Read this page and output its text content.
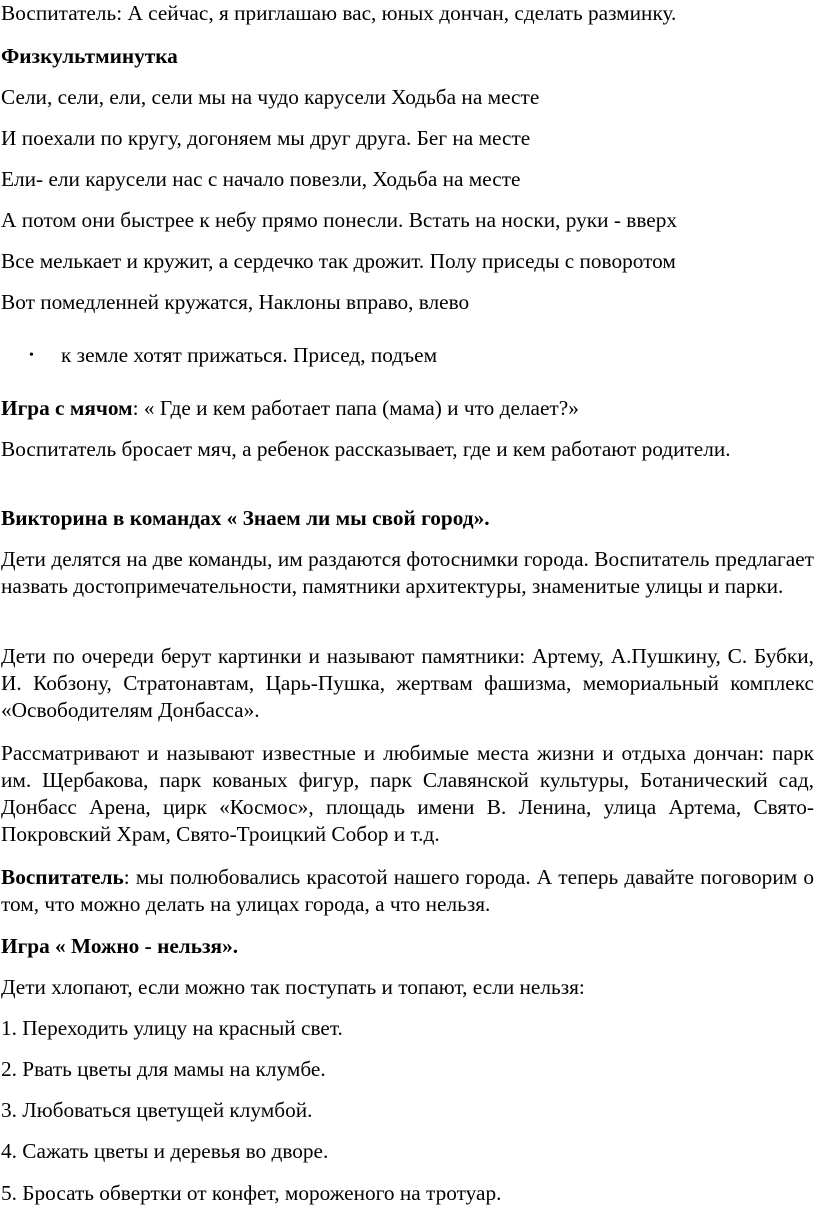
Воспитатель: А сейчас, я приглашаю вас, юных дончан, сделать разминку.

Физкультминутка

Сели, сели, ели, сели мы на чудо карусели Ходьба на месте

И поехали по кругу, догоняем мы друг друга. Бег на месте

Ели- ели карусели нас с начало повезли, Ходьба на месте

А потом они быстрее к небу прямо понесли. Встать на носки, руки - вверх

Все мелькает и кружит, а сердечко так дрожит. Полу приседы с поворотом

Вот помедленней кружатся, Наклоны вправо, влево

• к земле хотят прижаться. Присед, подъем

Игра с мячом: « Где и кем работает папа (мама) и что делает?»

Воспитатель бросает мяч, а ребенок рассказывает, где и кем работают родители.

Викторина в командах « Знаем ли мы свой город».

Дети делятся на две команды, им раздаются фотоснимки города. Воспитатель предлагает назвать достопримечательности, памятники архитектуры, знаменитые улицы и парки.

Дети по очереди берут картинки и называют памятники: Артему, А.Пушкину, С. Бубки, И. Кобзону, Стратонавтам, Царь-Пушка, жертвам фашизма, мемориальный комплекс «Освободителям Донбасса».

Рассматривают и называют известные и любимые места жизни и отдыха дончан: парк им. Щербакова, парк кованых фигур, парк Славянской культуры, Ботанический сад, Донбасс Арена, цирк «Космос», площадь имени В. Ленина, улица Артема, Свято-Покровский Храм, Свято-Троицкий Собор и т.д.

Воспитатель: мы полюбовались красотой нашего города. А теперь давайте поговорим о том, что можно делать на улицах города, а что нельзя.

Игра « Можно - нельзя».

Дети хлопают, если можно так поступать и топают, если нельзя:

1. Переходить улицу на красный свет.

2. Рвать цветы для мамы на клумбе.

3. Любоваться цветущей клумбой.

4. Сажать цветы и деревья во дворе.

5. Бросать обвертки от конфет, мороженого на тротуар.
